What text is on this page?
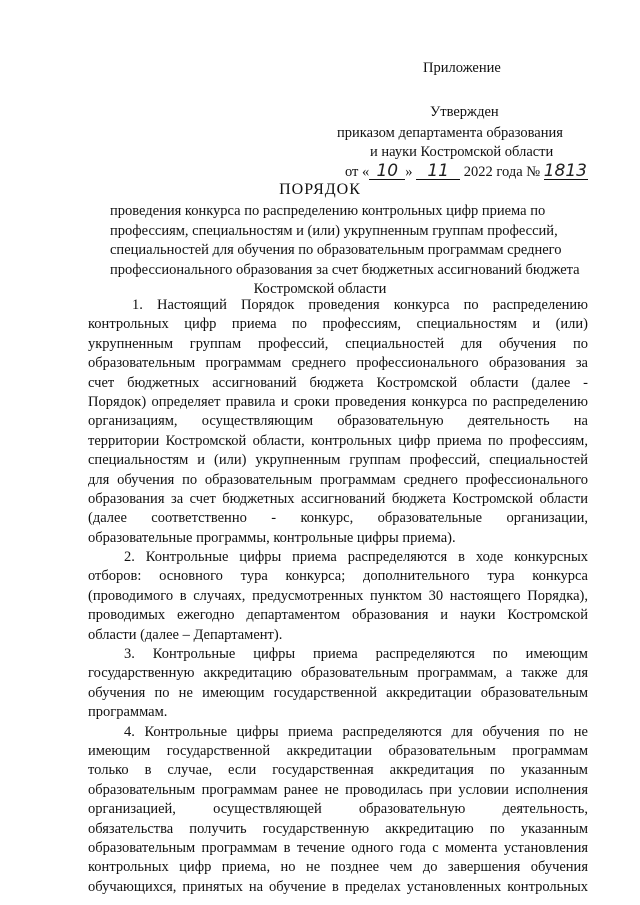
Приложение
Утвержден
приказом департамента образования
и науки Костромской области
от « 10 » 11 2022 года № 1813
ПОРЯДОК
проведения конкурса по распределению контрольных цифр приема по
профессиям, специальностям и (или) укрупненным группам профессий,
специальностей для обучения по образовательным программам среднего
профессионального образования за счет бюджетных ассигнований бюджета
Костромской области
1. Настоящий Порядок проведения конкурса по распределению
контрольных цифр приема по профессиям, специальностям и (или)
укрупненным группам профессий, специальностей для обучения по
образовательным программам среднего профессионального образования за
счет бюджетных ассигнований бюджета Костромской области (далее -
Порядок) определяет правила и сроки проведения конкурса по распределению
организациям, осуществляющим образовательную деятельность на
территории Костромской области, контрольных цифр приема по профессиям,
специальностям и (или) укрупненным группам профессий, специальностей
для обучения по образовательным программам среднего профессионального
образования за счет бюджетных ассигнований бюджета Костромской области
(далее соответственно - конкурс, образовательные организации,
образовательные программы, контрольные цифры приема).
2. Контрольные цифры приема распределяются в ходе конкурсных
отборов: основного тура конкурса; дополнительного тура конкурса
(проводимого в случаях, предусмотренных пунктом 30 настоящего Порядка),
проводимых ежегодно департаментом образования и науки Костромской
области (далее – Департамент).
3. Контрольные цифры приема распределяются по имеющим
государственную аккредитацию образовательным программам, а также для
обучения по не имеющим государственной аккредитации образовательным
программам.
4. Контрольные цифры приема распределяются для обучения по не
имеющим государственной аккредитации образовательным программам
только в случае, если государственная аккредитация по указанным
образовательным программам ранее не проводилась при условии исполнения
организацией, осуществляющей образовательную деятельность,
обязательства получить государственную аккредитацию по указанным
образовательным программам в течение одного года с момента установления
контрольных цифр приема, но не позднее чем до завершения обучения
обучающихся, принятых на обучение в пределах установленных контрольных
